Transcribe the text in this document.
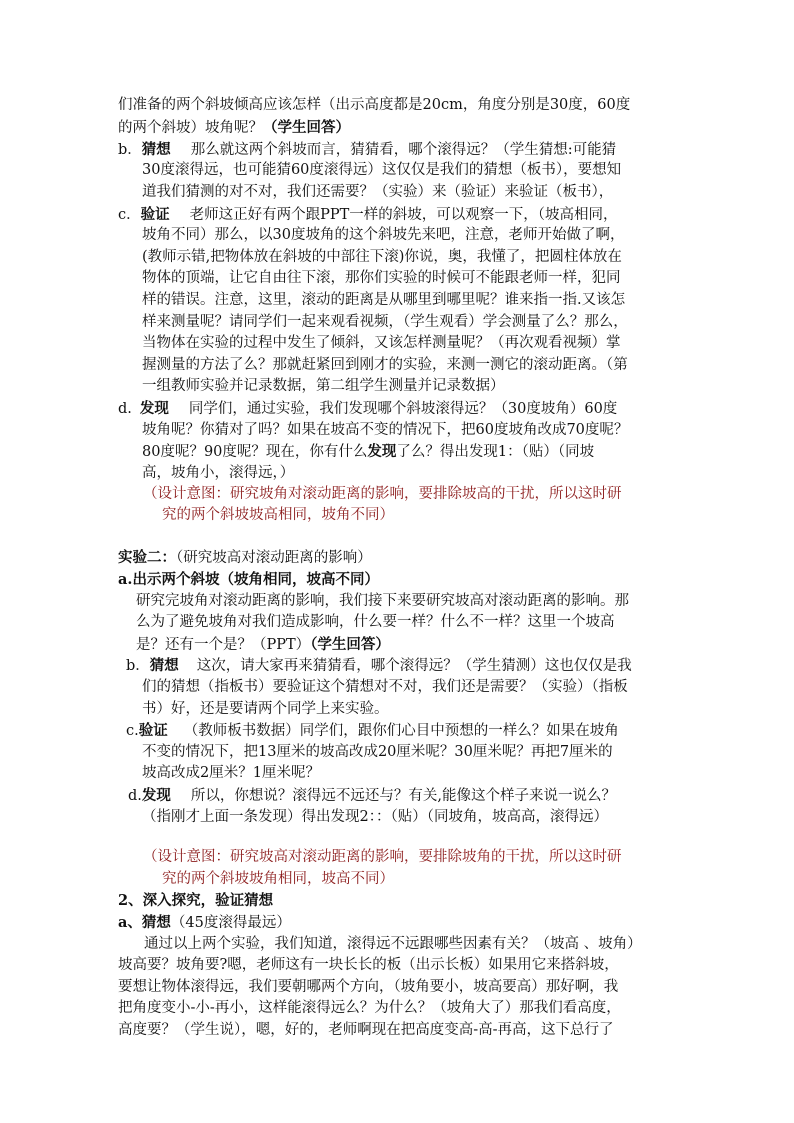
们准备的两个斜坡倾高应该怎样（出示高度都是20cm，角度分别是30度，60度
的两个斜坡）坡角呢？（学生回答）
b．猜想 那么就这两个斜坡而言，猜猜看，哪个滚得远？（学生猜想:可能猜
30度滚得远，也可能猜60度滚得远）这仅仅是我们的猜想（板书），要想知
道我们猜测的对不对，我们还需要？（实验）来（验证）来验证（板书），
c．验证 老师这正好有两个跟PPT一样的斜坡，可以观察一下，（坡高相同，
坡角不同）那么，以30度坡角的这个斜坡先来吧，注意，老师开始做了啊，
(教师示错,把物体放在斜坡的中部往下滚)你说，奥，我懂了，把圆柱体放在
物体的顶端，让它自由往下滚，那你们实验的时候可不能跟老师一样，犯同
样的错误。注意，这里，滚动的距离是从哪里到哪里呢？谁来指一指.又该怎
样来测量呢？请同学们一起来观看视频，（学生观看）学会测量了么？那么，
当物体在实验的过程中发生了倾斜，又该怎样测量呢？（再次观看视频）掌
握测量的方法了么？那就赶紧回到刚才的实验，来测一测它的滚动距离。（第
一组教师实验并记录数据，第二组学生测量并记录数据）
d. 发现 同学们，通过实验，我们发现哪个斜坡滚得远？（30度坡角）60度
坡角呢？你猜对了吗？如果在坡高不变的情况下，把60度坡角改成70度呢？
80度呢？90度呢？现在，你有什么发现了么？得出发现1：（贴）（同坡
高，坡角小，滚得远，）
（设计意图：研究坡角对滚动距离的影响，要排除坡高的干扰，所以这时研
究的两个斜坡坡高相同，坡角不同）
实验二：（研究坡高对滚动距离的影响）
a.出示两个斜坡（坡角相同，坡高不同）
研究完坡角对滚动距离的影响，我们接下来要研究坡高对滚动距离的影响。那
么为了避免坡角对我们造成影响，什么要一样？什么不一样？这里一个坡高
是？还有一个是？（PPT）（学生回答）
b．猜想 这次，请大家再来猜猜看，哪个滚得远？（学生猜测）这也仅仅是我
们的猜想（指板书）要验证这个猜想对不对，我们还是需要？（实验）（指板
书）好，还是要请两个同学上来实验。
c.验证 （教师板书数据）同学们，跟你们心目中预想的一样么？如果在坡角
不变的情况下，把13厘米的坡高改成20厘米呢？30厘米呢？再把7厘米的
坡高改成2厘米？1厘米呢？
d.发现 所以，你想说？滚得远不远还与？有关,能像这个样子来说一说么？
（指刚才上面一条发现）得出发现2：：（贴）（同坡角，坡高高，滚得远）
（设计意图：研究坡高对滚动距离的影响，要排除坡角的干扰，所以这时研
究的两个斜坡坡角相同，坡高不同）
2、深入探究，验证猜想
a、猜想（45度滚得最远）
通过以上两个实验，我们知道，滚得远不远跟哪些因素有关？（坡高 、坡角）
坡高要？坡角要?嗯，老师这有一块长长的板（出示长板）如果用它来搭斜坡，
要想让物体滚得远，我们要朝哪两个方向，（坡角要小，坡高要高）那好啊，我
把角度变小-小-再小，这样能滚得远么？为什么？（坡角大了）那我们看高度，
高度要？（学生说），嗯，好的，老师啊现在把高度变高-高-再高，这下总行了
